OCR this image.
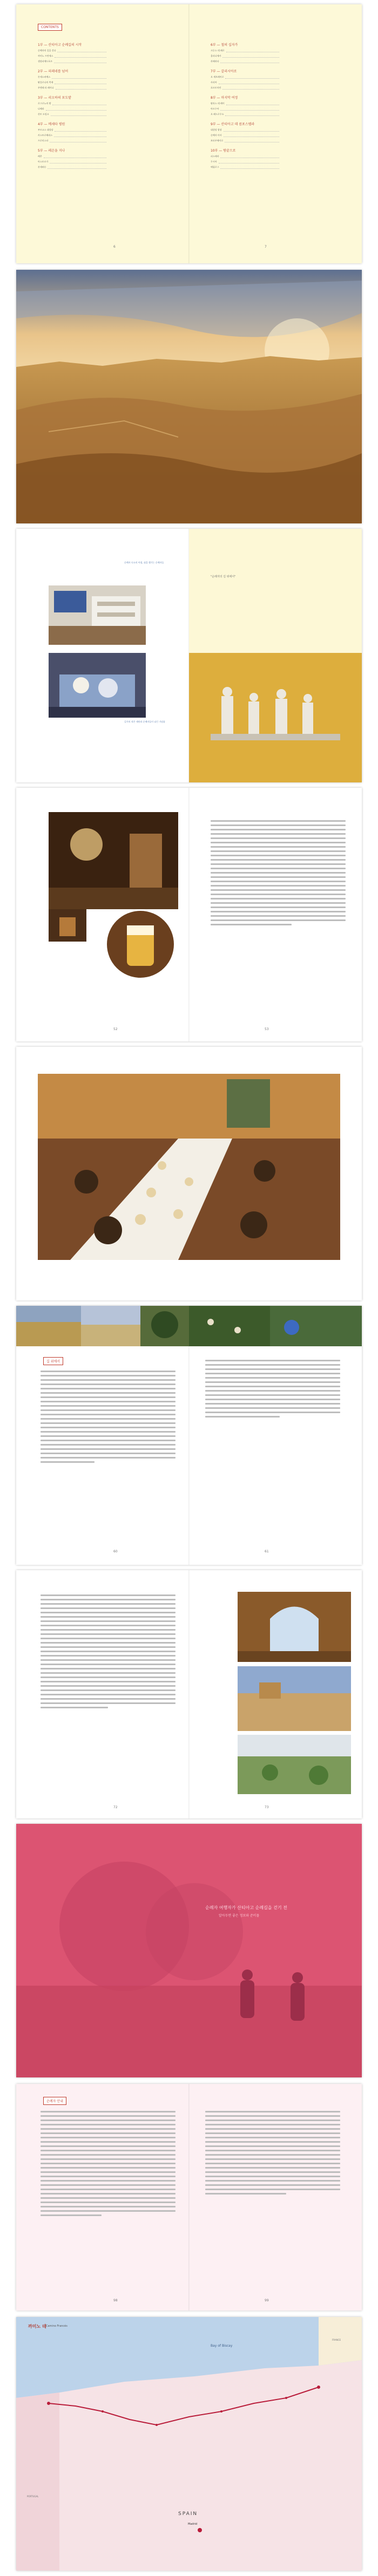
CONTENTS
1부 — 산티아고 순례길의 시작
순례자의 길을 걷다
까미노 프란세스
생장피에드포르
2부 — 피레네를 넘어
론세스바예스
팜플로나의 축제
푸엔테 라 레이나
3부 — 리오하의 포도밭
로그로뇨의 밤
나헤라
산토 도밍고
4부 — 메세타 평원
부르고스 대성당
카스트로헤리스
프로미스타
5부 — 레온을 지나
레온
아스토르가
폰세바돈
6부 — 철의 십자가
크루스 데 페로
몰리나세카
폰페라다
7부 — 갈리시아로
오 세브레이로
사리아
포르토마린
8부 — 마지막 여정
팔라스 데 레이
아르수아
오 페드로우소
9부 — 산티아고 데 콤포스텔라
대성당 광장
순례자 미사
보타푸메이로
10부 — 땅끝으로
피스테라
무시아
에필로그
6	7
순례자 숙소의 아침, 짐을 챙기는 순례자들
길가의 작은 제단과 순례자들이 남긴 기념품
"순례자의 길 위에서"
52	53
길 위에서
60	61
72	73
순례자 여행자가 산티아고 순례길을 걷기 전
알아두면 좋은 정보와 준비물
순례자 안내
98	99
까미노 데 Camino Francés
Bay of Biscay
FRANCE
PORTUGAL
SPAIN
Madrid
